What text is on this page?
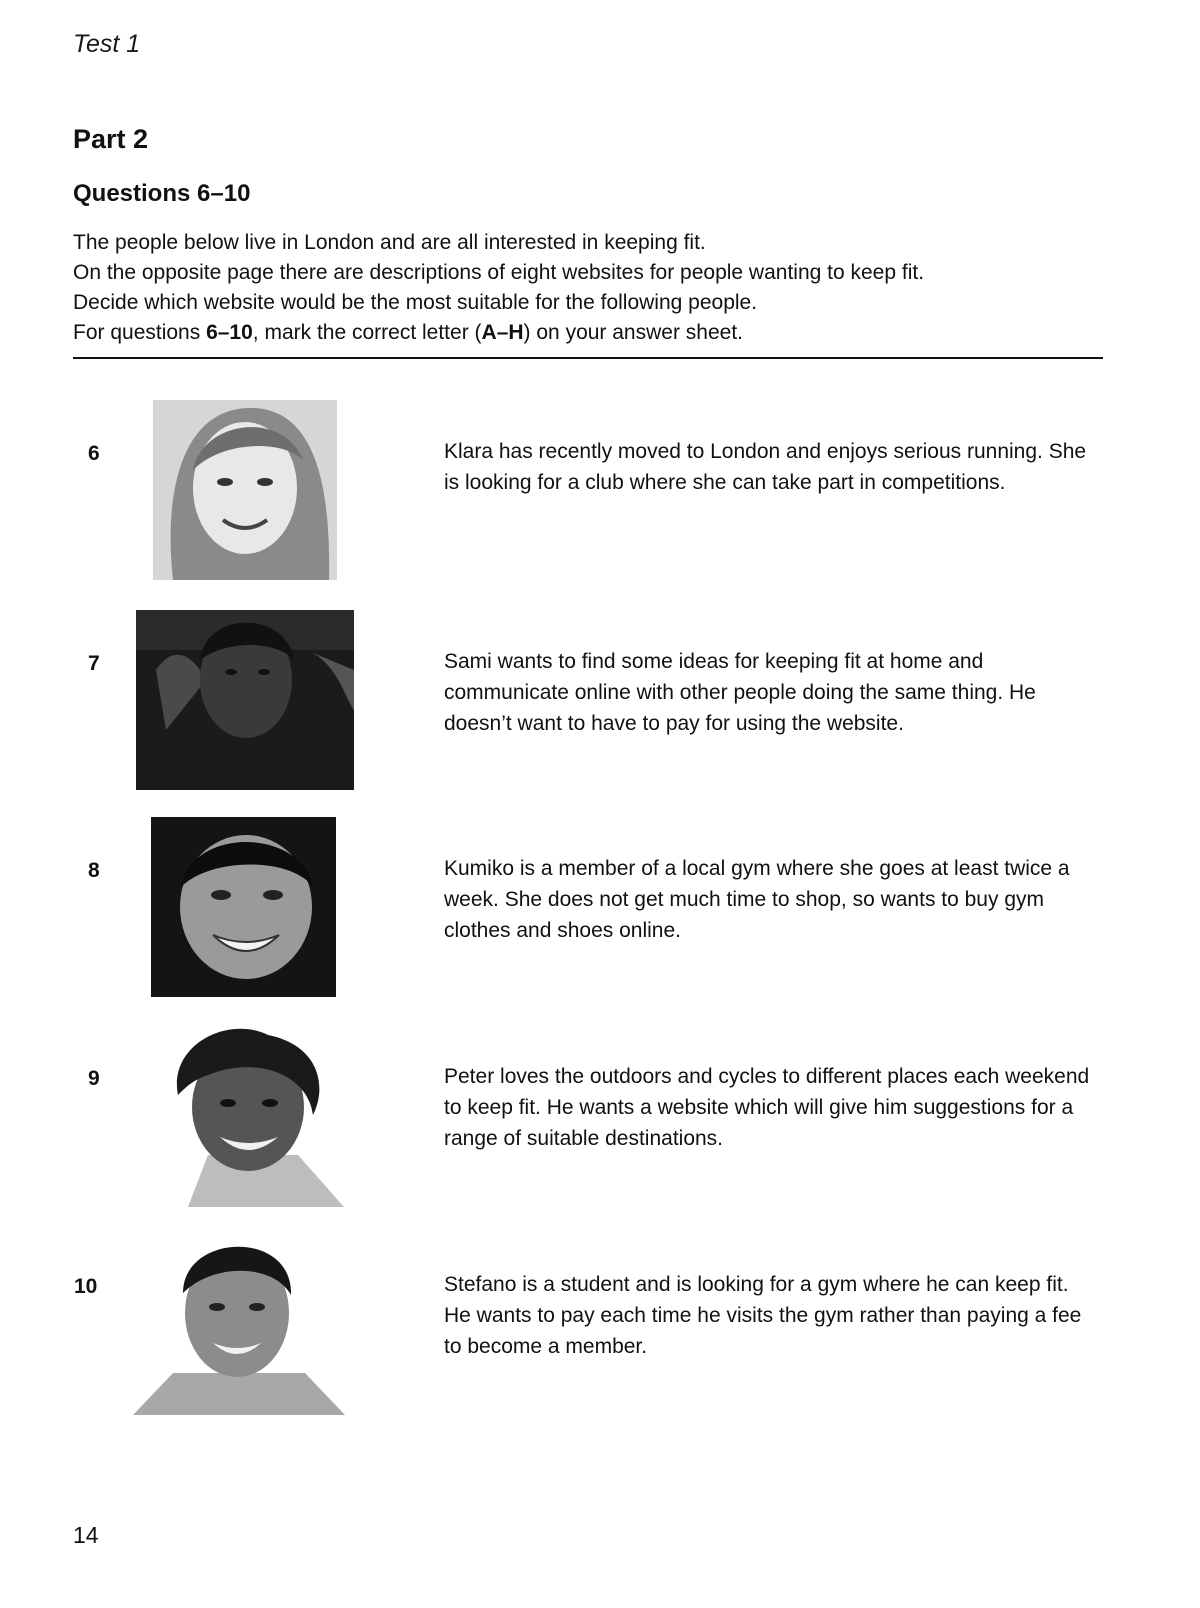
Test 1
Part 2
Questions 6–10

The people below live in London and are all interested in keeping fit.

On the opposite page there are descriptions of eight websites for people wanting to keep fit.

Decide which website would be the most suitable for the following people.

For questions 6–10, mark the correct letter (A–H) on your answer sheet.

6	Klara has recently moved to London and enjoys serious running. She is looking for a club where she can take part in competitions.
7	Sami wants to find some ideas for keeping fit at home and communicate online with other people doing the same thing. He doesn’t want to have to pay for using the website.
8	Kumiko is a member of a local gym where she goes at least twice a week. She does not get much time to shop, so wants to buy gym clothes and shoes online.
9	Peter loves the outdoors and cycles to different places each weekend to keep fit. He wants a website which will give him suggestions for a range of suitable destinations.
10	Stefano is a student and is looking for a gym where he can keep fit. He wants to pay each time he visits the gym rather than paying a fee to become a member.
14
